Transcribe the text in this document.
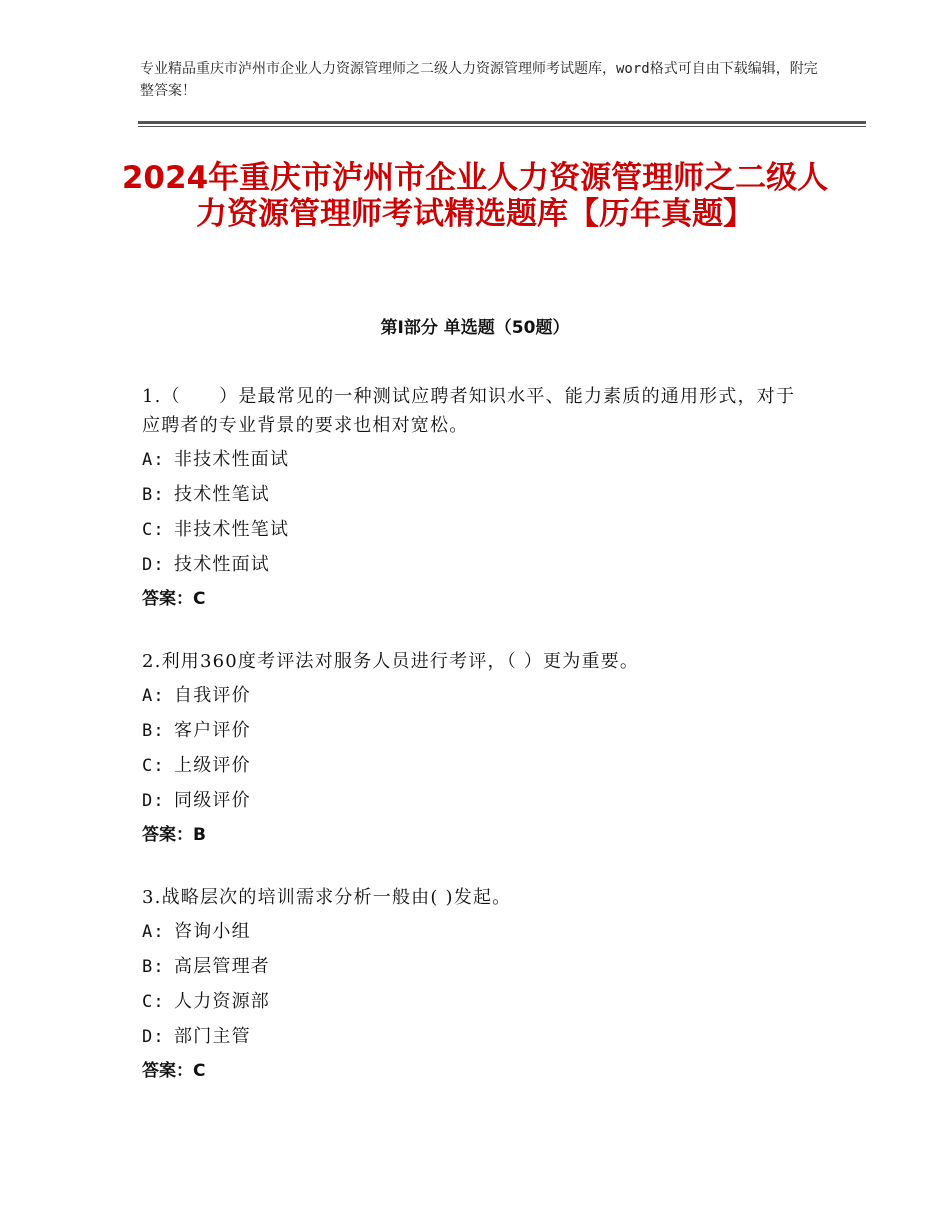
专业精品重庆市泸州市企业人力资源管理师之二级人力资源管理师考试题库，word格式可自由下载编辑，附完整答案！
2024年重庆市泸州市企业人力资源管理师之二级人力资源管理师考试精选题库【历年真题】
第Ⅰ部分 单选题（50题）
1.（　　）是最常见的一种测试应聘者知识水平、能力素质的通用形式，对于应聘者的专业背景的要求也相对宽松。
A: 非技术性面试
B: 技术性笔试
C: 非技术性笔试
D: 技术性面试
答案：C
2.利用360度考评法对服务人员进行考评，（ ）更为重要。
A: 自我评价
B: 客户评价
C: 上级评价
D: 同级评价
答案：B
3.战略层次的培训需求分析一般由( )发起。
A: 咨询小组
B: 高层管理者
C: 人力资源部
D: 部门主管
答案：C
